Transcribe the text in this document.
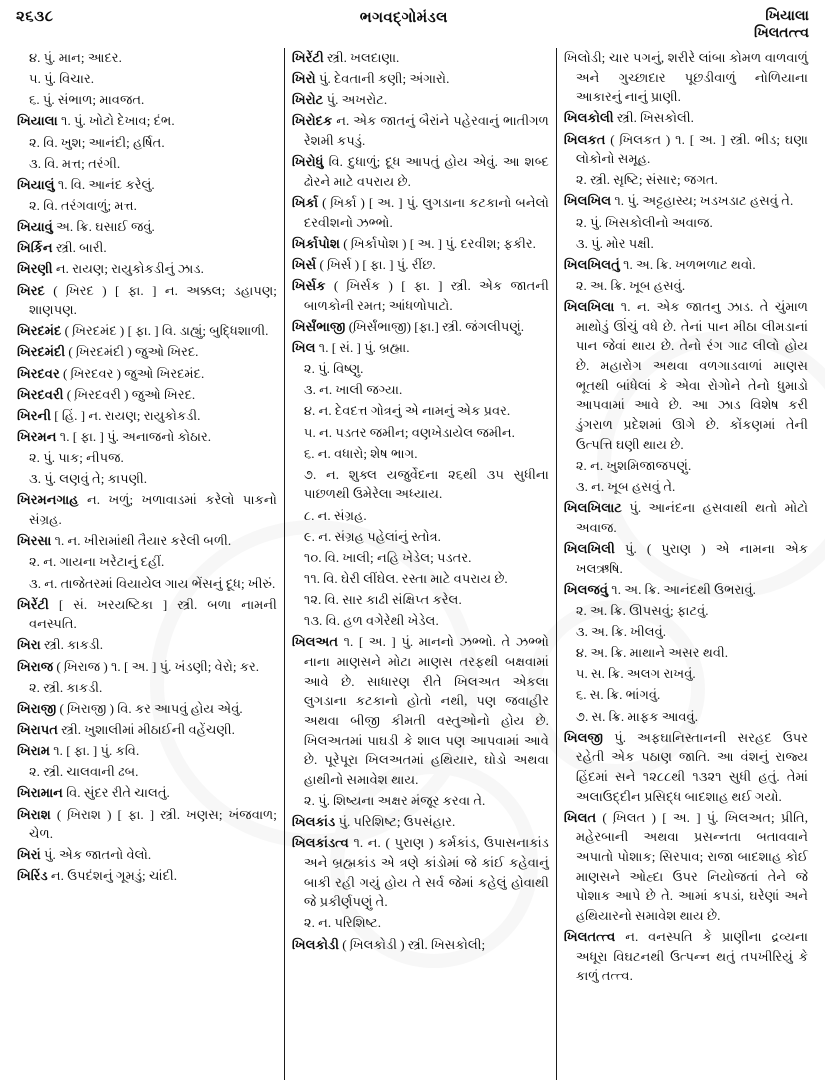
૨૬૩૮	ભગવદ્ગોમંડલ	ખિયાલા
ખિલતત્ત્વ

૪. પું. માન; આદર.

૫. પું. વિચાર.

૬. પું. સંભાળ; માવજત.

ખિયાલા ૧. પું. ખોટો દેખાવ; દંભ.

૨. વિ. ખુશ; આનંદી; હર્ષિત.

૩. વિ. મત્ત; તરંગી.

ખિયાલું ૧. વિ. આનંદ કરેલું.

૨. વિ. તરંગવાળું; મત્ત.

ખિયાવું અ. ક્રિ. ઘસાઈ જવું.

ખિર્કિન સ્ત્રી. બારી.

ખિરણી ન. રાયણ; રાયુકોકડીનું ઝાડ.

ખિરદ ( ખિ઼રદ ) [ ફા. ] ન. અક્કલ; ડહાપણ; શાણપણ.

ખિરદમંદ ( ખિ઼રદમંદ ) [ ફા. ] વિ. ડાહ્યું; બુદ્ધિશાળી.

ખિરદમંદી ( ખિ઼રદમંદી ) જુઓ ખિરદ.

ખિરદવર ( ખિ઼રદવર ) જુઓ ખિરદમંદ.

ખિરદવરી ( ખિ઼રદવરી ) જુઓ ખિરદ.

ખિરની [ હિં. ] ન. રાયણ; રાયુકોકડી.

ખિરમન ૧. [ ફા. ] પું. અનાજનો કોઠાર.

૨. પું. પાક; નીપજ.

૩. પું. લણવું તે; કાપણી.

ખિરમનગાહ ન. ખળું; ખળાવાડમાં કરેલો પાકનો સંગ્રહ.

ખિરસા ૧. ન. ખીરામાંથી તૈયાર કરેલી બળી.

૨. ન. ગાયના ખરેટાનું દહીં.

૩. ન. તાજેતરમાં વિયાયેલ ગાય ભેંસનું દૂધ; ખીરું.

ખિરેંટી [ સં. ખરયષ્ટિકા ] સ્ત્રી. બળા નામની વનસ્પતિ.

ખિરા સ્ત્રી. કાકડી.

ખિરાજ ( ખિ઼રાજ ) ૧. [ અ. ] પું. ખંડણી; વેરો; કર.

૨. સ્ત્રી. કાકડી.

ખિરાજી ( ખિ઼રાજી ) વિ. કર આપવું હોય એવું.

ખિરાપત સ્ત્રી. ખુશાલીમાં મીઠાઈની વહેંચણી.

ખિરામ ૧. [ ફા. ] પું. કવિ.

૨. સ્ત્રી. ચાલવાની ઢબ.

ખિરામાન વિ. સુંદર રીતે ચાલતું.

ખિરાશ ( ખિ઼રાશ ) [ ફા. ] સ્ત્રી. ખણસ; ખંજવાળ; ચેળ.

ખિરાં પું. એક જાતનો વેલો.

ખિરિંડ ન. ઉપદંશનું ગૂમડું; ચાંદી.

ખિરેંટી સ્ત્રી. ખલદાણા.

ખિરો પું. દેવતાની કણી; અંગારો.

ખિરોટ પું. અખરોટ.

ખિરોદક ન. એક જાતનું બૈરાંને પહેરવાનું ભાતીગળ રેશમી કપડું.

ખિરોધું વિ. દુધાળું; દૂધ આપતું હોય એવું. આ શબ્દ ઢોરને માટે વપરાય છે.

ખિર્કા ( ખિ઼ર્કા ) [ અ. ] પું. લુગડાના કટકાનો બનેલો દરવીશનો ઝભ્ભો.

ખિર્કાપોશ ( ખિ઼ર્કાપોશ ) [ અ. ] પું. દરવીશ; ફકીર.

ખિર્સ ( ખિ઼ર્સ ) [ ફા. ] પું. રીંછ.

ખિર્સક ( ખિ઼ર્સક ) [ ફા. ] સ્ત્રી. એક જાતની બાળકોની રમત; આંધળોપાટો.

ખિર્સંભાજી (ખિ઼ર્સંભાજી) [ફા.] સ્ત્રી. જંગલીપણું.

ખિલ ૧. [ સં. ] પું. બ્રહ્મા.

૨. પું. વિષ્ણુ.

૩. ન. ખાલી જગ્યા.

૪. ન. દેવદત્ત ગોત્રનું એ નામનું એક પ્રવર.

૫. ન. પડતર જમીન; વણખેડાયેલ જમીન.

૬. ન. વધારો; શેષ ભાગ.

૭. ન. શુક્લ યજુર્વેદના ૨૬થી ૩૫ સુધીના પાછળથી ઉમેરેલા અધ્યાય.

૮. ન. સંગ્રહ.

૯. ન. સંગ્રહ પહેલાંનું સ્તોત્ર.

૧૦. વિ. ખાલી; નહિ ખેડેલ; પડતર.

૧૧. વિ. ઘેરી લીંઘેલ. રસ્તા માટે વપરાય છે.

૧૨. વિ. સાર કાઢી સંક્ષિપ્ત કરેલ.

૧૩. વિ. હળ વગેરેથી ખેડેલ.

ખિલઅત ૧. [ અ. ] પું. માનનો ઝભ્ભો. તે ઝભ્ભો નાના માણસને મોટા માણસ તરફથી બક્ષવામાં આવે છે. સાધારણ રીતે ખિલઅત એકલા લુગડાના કટકાનો હોતો નથી, પણ જવાહીર અથવા બીજી કીમતી વસ્તુઓનો હોય છે. ખિલઅતમાં પાઘડી કે શાલ પણ આપવામાં આવે છે. પૂરેપૂરા ખિલઅતમાં હથિયાર, ઘોડો અથવા હાથીનો સમાવેશ થાય.

૨. પું. શિષ્યના અક્ષર મંજૂર કરવા તે.

ખિલકાંડ પું. પરિશિષ્ટ; ઉપસંહાર.

ખિલકાંડત્વ ૧. ન. ( પુરાણ ) કર્મકાંડ, ઉપાસનાકાંડ અને બ્રહ્મકાંડ એ ત્રણે કાંડોમાં જે કાંઈ કહેવાનું બાકી રહી ગયું હોય તે સર્વ જેમાં કહેલું હોવાથી જે પ્રકીર્ણપણું તે.

૨. ન. પરિશિષ્ટ.

ખિલકોડી ( ખિ઼લકોડી ) સ્ત્રી. ખિસકોલી;

ખિલોડી; ચાર પગનું, શરીરે લાંબા કોમળ વાળવાળું અને ગુચ્છાદાર પૂછડીવાળું નોળિયાના આકારનું નાનું પ્રાણી.

ખિલકોલી સ્ત્રી. ખિસકોલી.

ખિલકત ( ખિ઼લકત ) ૧. [ અ. ] સ્ત્રી. ભીડ; ઘણા લોકોનો સમૂહ.

૨. સ્ત્રી. સૃષ્ટિ; સંસાર; જગત.

ખિલખિલ ૧. પું. અટ્ટહાસ્ય; ખડખડાટ હસવું તે.

૨. પું. ખિસકોલીનો અવાજ.

૩. પું. મોર પક્ષી.

ખિલખિલતું ૧. અ. ક્રિ. ખળભળાટ થવો.

૨. અ. ક્રિ. ખૂબ હસવું.

ખિલખિલા ૧. ન. એક જાતનુ ઝાડ. તે ચુંમાળ માથોડું ઊંચું વધે છે. તેનાં પાન મીઠા લીમડાનાં પાન જેવાં થાય છે. તેનો રંગ ગાઢ લીલો હોય છે. મહારોગ અથવા વળગાડવાળાં માણસ ભૂતથી બાંધેલાં કે એવા રોગોને તેનો ધુમાડો આપવામાં આવે છે. આ ઝાડ વિશેષ કરી ડુંગરાળ પ્રદેશમાં ઊગે છે. કોંકણમાં તેની ઉત્પત્તિ ઘણી થાય છે.

૨. ન. ખુશમિજાજપણું.

૩. ન. ખૂબ હસવું તે.

ખિલખિલાટ પું. આનંદના હસવાથી થતો મોટો અવાજ.

ખિલખિલી પું. ( પુરાણ ) એ નામના એક ખલઋષિ.

ખિલજવું ૧. અ. ક્રિ. આનંદથી ઉભરાવું.

૨. અ. ક્રિ. ઊપસવું; ફાટવું.

૩. અ. ક્રિ. ખીલવું.

૪. અ. ક્રિ. માથાને અસર થવી.

૫. સ. ક્રિ. અલગ રાખવું.

૬. સ. ક્રિ. ભાંગવું.

૭. સ. ક્રિ. માફક આવવું.

ખિલજી પું. અફઘાનિસ્તાનની સરહદ ઉપર રહેતી એક પઠાણ જાતિ. આ વંશનું રાજ્ય હિંદમાં સને ૧૨૮૮થી ૧૩૨૧ સુધી હતું. તેમાં અલાઉદ્દીન પ્રસિદ્ધ બાદશાહ થઈ ગયો.

ખિલત ( ખિ઼લત ) [ અ. ] પું. ખિલઅત; પ્રીતિ, મહેરબાની અથવા પ્રસન્નતા બતાવવાને અપાતો પોશાક; સિરપાવ; રાજા બાદશાહ કોઈ માણસને ઓહ્દા ઉપર નિયોજતાં તેને જે પોશાક આપે છે તે. આમાં કપડાં, ઘરેણાં અને હથિયારનો સમાવેશ થાય છે.

ખિલતત્ત્વ ન. વનસ્પતિ કે પ્રાણીના દ્રવ્યના અધૂરા વિઘટનથી ઉત્પન્ન થતું તપખીરિયું કે કાળું તત્ત્વ.
